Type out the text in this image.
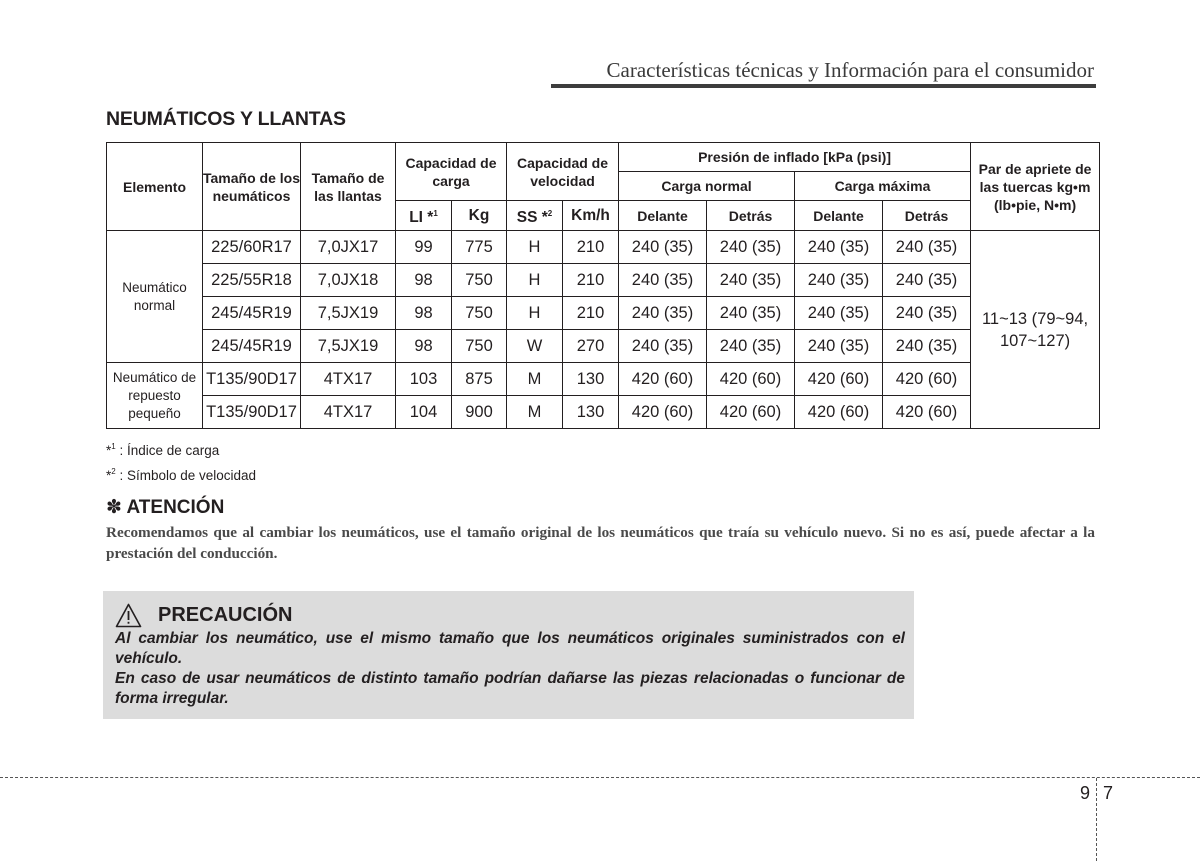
Características técnicas y Información para el consumidor
NEUMÁTICOS Y LLANTAS
Elemento	Tamaño de los neumáticos	Tamaño de las llantas	Capacidad de carga		Capacidad de velocidad		Presión de inflado [kPa (psi)]				Par de apriete de las tuercas kg•m (lb•pie, N•m)
							Carga normal		Carga máxima		
			LI *$^1$	Kg	SS *$^2$	Km/h	Delante	Detrás	Delante	Detrás	
Neumático normal	225/60R17	7,0JX17	99	775	H	210	240 (35)	240 (35)	240 (35)	240 (35)	11~13 (79~94, 107~127)
	225/55R18	7,0JX18	98	750	H	210	240 (35)	240 (35)	240 (35)	240 (35)	
	245/45R19	7,5JX19	98	750	H	210	240 (35)	240 (35)	240 (35)	240 (35)	
	245/45R19	7,5JX19	98	750	W	270	240 (35)	240 (35)	240 (35)	240 (35)	
Neumático de repuesto pequeño	T135/90D17	4TX17	103	875	M	130	420 (60)	420 (60)	420 (60)	420 (60)	
	T135/90D17	4TX17	104	900	M	130	420 (60)	420 (60)	420 (60)	420 (60)	
*$^1$ : Índice de carga
*$^2$ : Símbolo de velocidad
✽ ATENCIÓN
Recomendamos que al cambiar los neumáticos, use el tamaño original de los neumáticos que traía su vehículo nuevo. Si no es así, puede afectar a la prestación del conducción.
PRECAUCIÓN

Al cambiar los neumático, use el mismo tamaño que los neumáticos originales suministrados con el vehículo.

En caso de usar neumáticos de distinto tamaño podrían dañarse las piezas relacionadas o funcionar de forma irregular.

9 7
